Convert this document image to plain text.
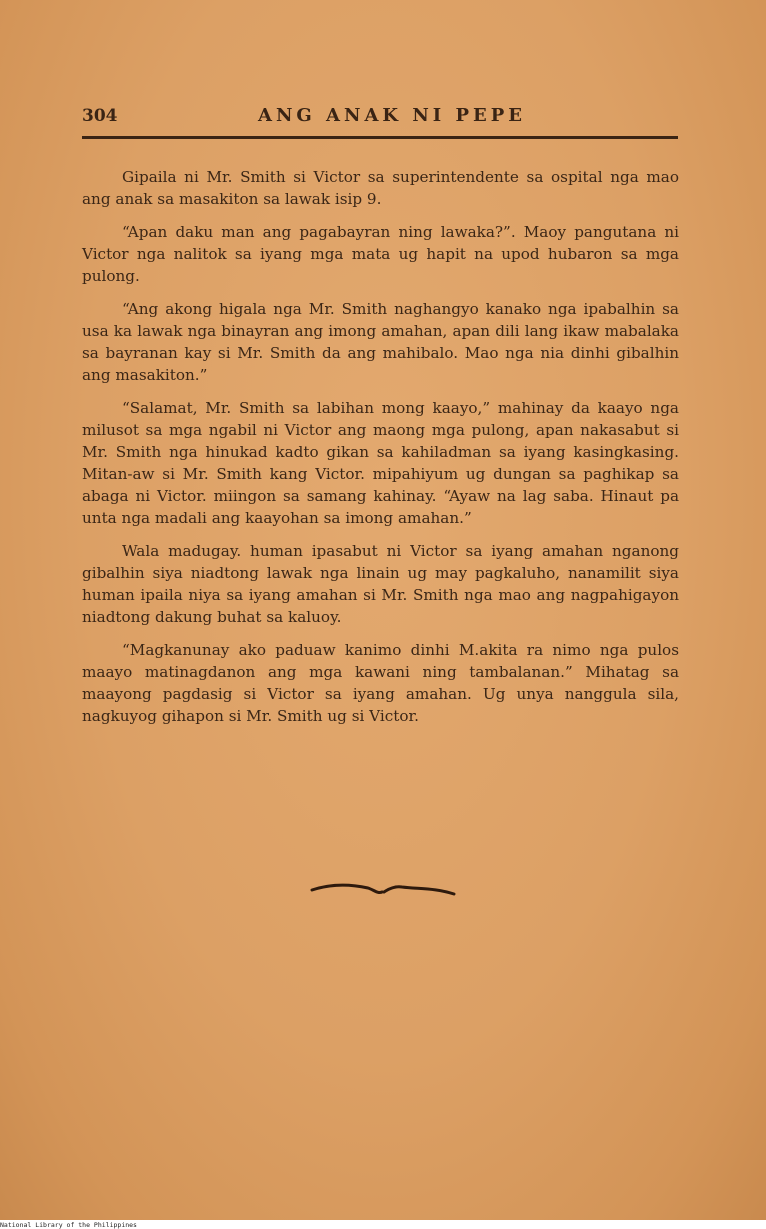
304	ANG ANAK NI PEPE

Gipaila ni Mr. Smith si Victor sa superintendente sa ospital nga mao ang anak sa masakiton sa lawak isip 9.

“Apan daku man ang pagabayran ning lawaka?”. Maoy pangutana ni Victor nga nalitok sa iyang mga mata ug hapit na upod hubaron sa mga pulong.

“Ang akong higala nga Mr. Smith naghangyo kanako nga ipabalhin sa usa ka lawak nga binayran ang imong amahan, apan dili lang ikaw mabalaka sa bayranan kay si Mr. Smith da ang mahibalo. Mao nga nia dinhi gibalhin ang masakiton.”

“Salamat, Mr. Smith sa labihan mong kaayo,” mahinay da kaayo nga milusot sa mga ngabil ni Victor ang maong mga pulong, apan nakasabut si Mr. Smith nga hinukad kadto gikan sa kahiladman sa iyang kasingkasing. Mitan-aw si Mr. Smith kang Victor. mipahiyum ug dungan sa paghikap sa abaga ni Victor. miingon sa samang kahinay. “Ayaw na lag saba. Hinaut pa unta nga madali ang kaayohan sa imong amahan.”

Wala madugay. human ipasabut ni Victor sa iyang amahan nganong gibalhin siya niadtong lawak nga linain ug may pagkaluho, nanamilit siya human ipaila niya sa iyang amahan si Mr. Smith nga mao ang nagpahigayon niadtong dakung buhat sa kaluoy.

“Magkanunay ako paduaw kanimo dinhi M.akita ra nimo nga pulos maayo matinagdanon ang mga kawani ning tambalanan.” Mihatag sa maayong pagdasig si Victor sa iyang amahan. Ug unya nanggula sila, nagkuyog gihapon si Mr. Smith ug si Victor.

National Library of the Philippines
